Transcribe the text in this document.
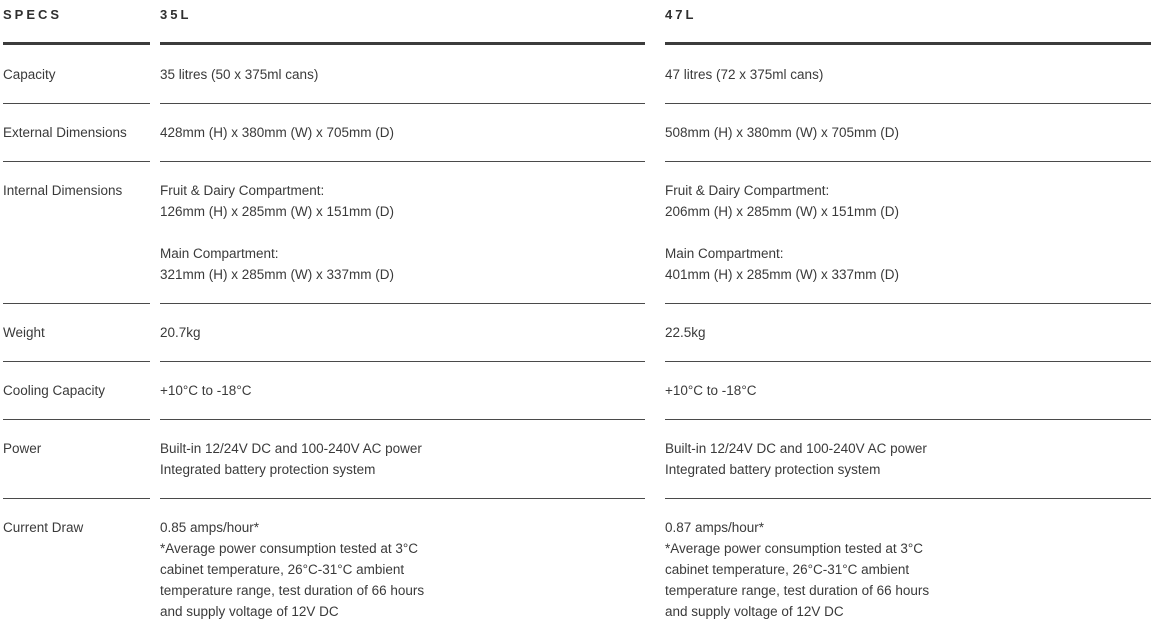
SPECS
Capacity
External Dimensions
Internal Dimensions
Weight
Cooling Capacity
Power
Current Draw
35L
35 litres (50 x 375ml cans)
428mm (H) x 380mm (W) x 705mm (D)
Fruit & Dairy Compartment:
126mm (H) x 285mm (W) x 151mm (D)

Main Compartment:
321mm (H) x 285mm (W) x 337mm (D)
20.7kg
+10°C to -18°C
Built-in 12/24V DC and 100-240V AC power
Integrated battery protection system
0.85 amps/hour*
*Average power consumption tested at 3°C
cabinet temperature, 26°C-31°C ambient
temperature range, test duration of 66 hours
and supply voltage of 12V DC
47L
47 litres (72 x 375ml cans)
508mm (H) x 380mm (W) x 705mm (D)
Fruit & Dairy Compartment:
206mm (H) x 285mm (W) x 151mm (D)

Main Compartment:
401mm (H) x 285mm (W) x 337mm (D)
22.5kg
+10°C to -18°C
Built-in 12/24V DC and 100-240V AC power
Integrated battery protection system
0.87 amps/hour*
*Average power consumption tested at 3°C
cabinet temperature, 26°C-31°C ambient
temperature range, test duration of 66 hours
and supply voltage of 12V DC
